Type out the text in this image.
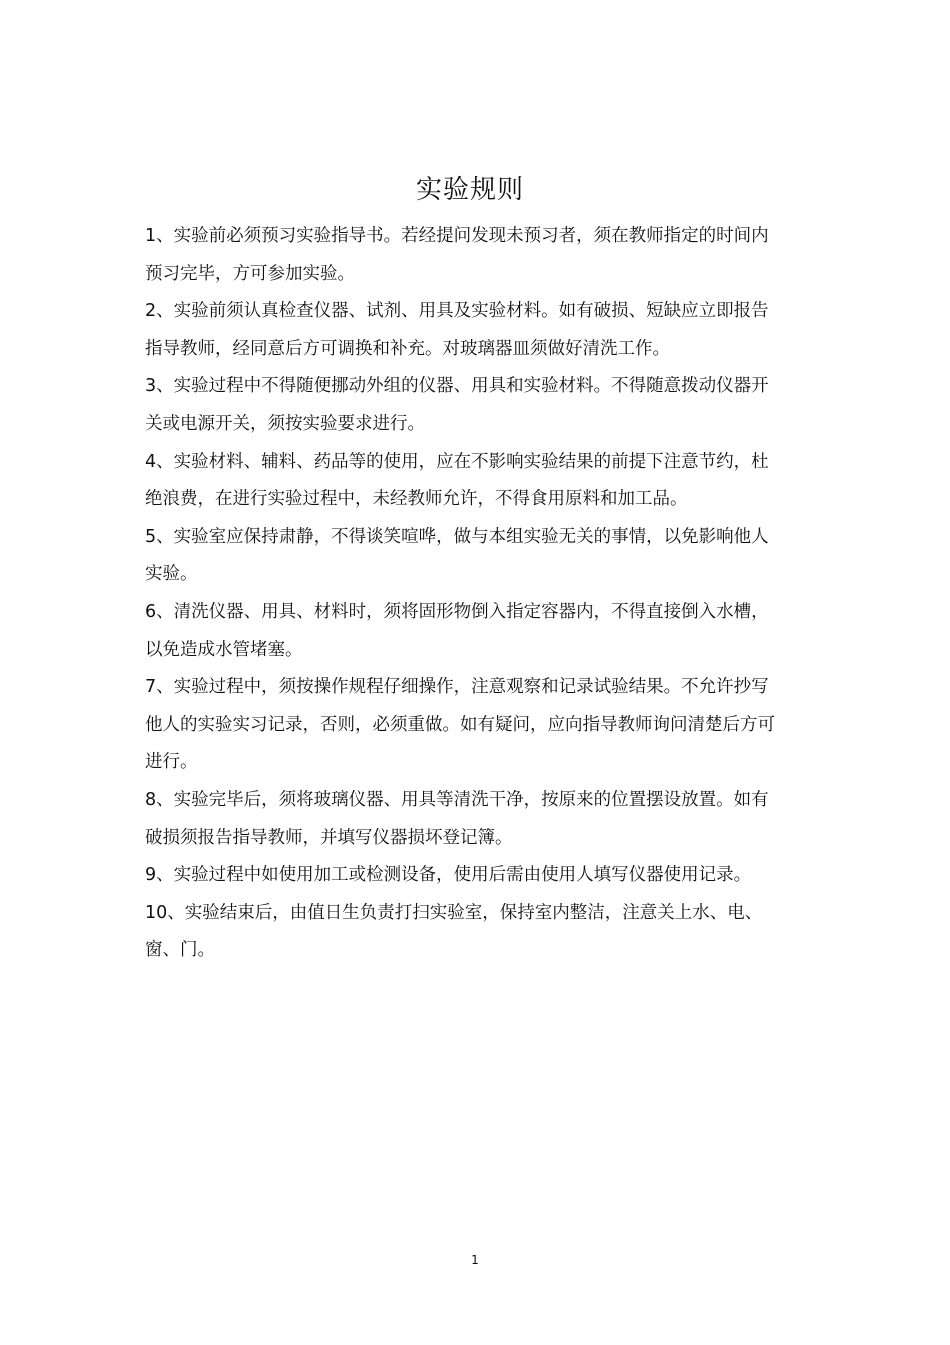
实验规则

1、实验前必须预习实验指导书。若经提问发现未预习者，须在教师指定的时间内预习完毕，方可参加实验。

2、实验前须认真检查仪器、试剂、用具及实验材料。如有破损、短缺应立即报告指导教师，经同意后方可调换和补充。对玻璃器皿须做好清洗工作。

3、实验过程中不得随便挪动外组的仪器、用具和实验材料。不得随意拨动仪器开关或电源开关，须按实验要求进行。

4、实验材料、辅料、药品等的使用，应在不影响实验结果的前提下注意节约，杜绝浪费，在进行实验过程中，未经教师允许，不得食用原料和加工品。

5、实验室应保持肃静，不得谈笑喧哗，做与本组实验无关的事情，以免影响他人实验。

6、清洗仪器、用具、材料时，须将固形物倒入指定容器内，不得直接倒入水槽，以免造成水管堵塞。

7、实验过程中，须按操作规程仔细操作，注意观察和记录试验结果。不允许抄写他人的实验实习记录，否则，必须重做。如有疑问，应向指导教师询问清楚后方可进行。

8、实验完毕后，须将玻璃仪器、用具等清洗干净，按原来的位置摆设放置。如有破损须报告指导教师，并填写仪器损坏登记簿。

9、实验过程中如使用加工或检测设备，使用后需由使用人填写仪器使用记录。

10、实验结束后，由值日生负责打扫实验室，保持室内整洁，注意关上水、电、窗、门。

1
